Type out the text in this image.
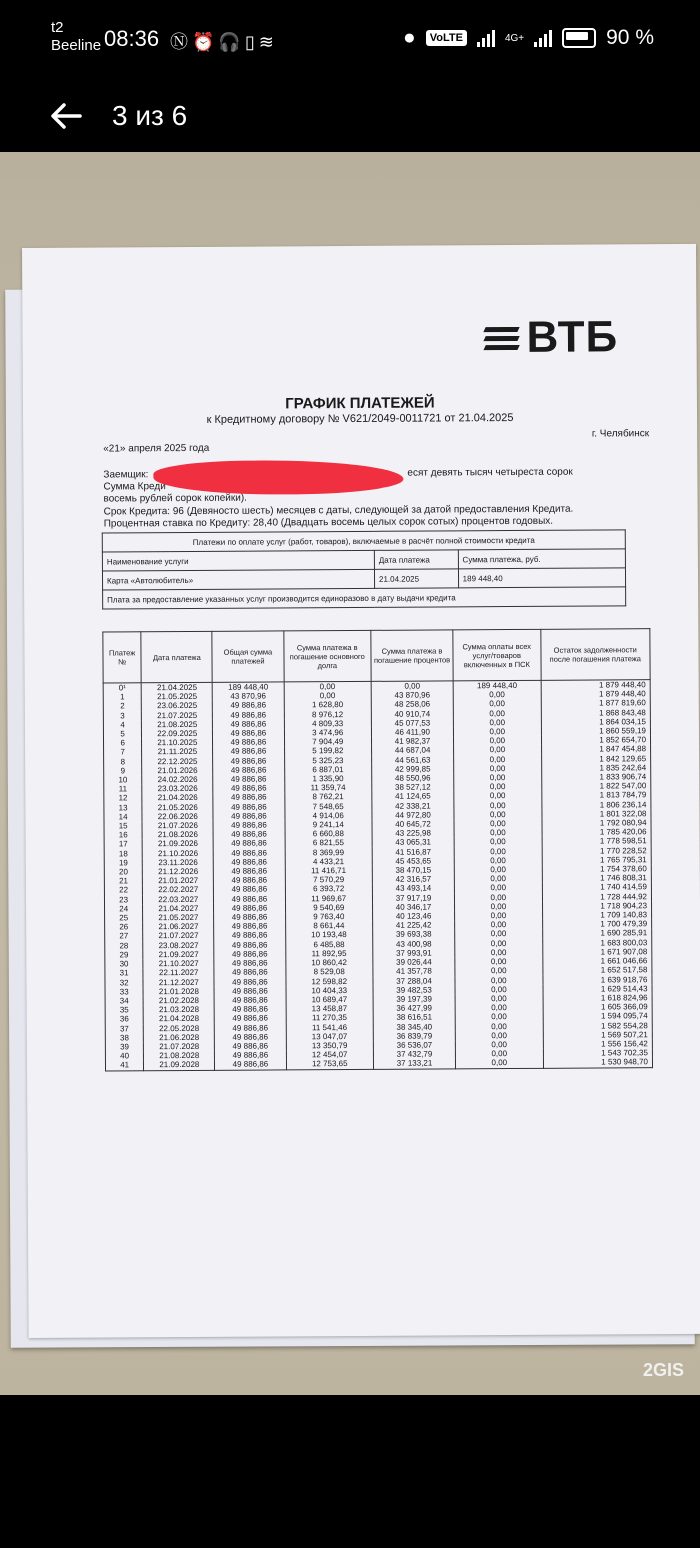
t2
Beeline 08:36 Ⓝ⏰🎧▯≋	●	VoLTE	4G+	90 %
3 из 6
ВТБ
ГРАФИК ПЛАТЕЖЕЙ
к Кредитному договору № V621/2049-0011721 от 21.04.2025
г. Челябинск
«21» апреля 2025 года
Заемщик:	есят девять тысяч четыреста сорок
Сумма Креди
восемь рублей сорок копейки).
Срок Кредита: 96 (Девяносто шесть) месяцев с даты, следующей за датой предоставления Кредита.
Процентная ставка по Кредиту: 28,40 (Двадцать восемь целых сорок сотых) процентов годовых.
Платежи по оплате услуг (работ, товаров), включаемые в расчёт полной стоимости кредита		
Наименование услуги	Дата платежа	Сумма платежа, руб.
Карта «Автолюбитель»	21.04.2025	189 448,40
Плата за предоставление указанных услуг производится единоразово в дату выдачи кредита		
Платеж №	Дата платежа	Общая сумма платежей	Сумма платежа в погашение основного долга	Сумма платежа в погашение процентов	Сумма оплаты всех услуг/товаров включенных в ПСК	Остаток задолженности после погашения платежа
0¹	21.04.2025	189 448,40	0,00	0,00	189 448,40	1 879 448,40
1	21.05.2025	43 870,96	0,00	43 870,96	0,00	1 879 448,40
2	23.06.2025	49 886,86	1 628,80	48 258,06	0,00	1 877 819,60
3	21.07.2025	49 886,86	8 976,12	40 910,74	0,00	1 868 843,48
4	21.08.2025	49 886,86	4 809,33	45 077,53	0,00	1 864 034,15
5	22.09.2025	49 886,86	3 474,96	46 411,90	0,00	1 860 559,19
6	21.10.2025	49 886,86	7 904,49	41 982,37	0,00	1 852 654,70
7	21.11.2025	49 886,86	5 199,82	44 687,04	0,00	1 847 454,88
8	22.12.2025	49 886,86	5 325,23	44 561,63	0,00	1 842 129,65
9	21.01.2026	49 886,86	6 887,01	42 999,85	0,00	1 835 242,64
10	24.02.2026	49 886,86	1 335,90	48 550,96	0,00	1 833 906,74
11	23.03.2026	49 886,86	11 359,74	38 527,12	0,00	1 822 547,00
12	21.04.2026	49 886,86	8 762,21	41 124,65	0,00	1 813 784,79
13	21.05.2026	49 886,86	7 548,65	42 338,21	0,00	1 806 236,14
14	22.06.2026	49 886,86	4 914,06	44 972,80	0,00	1 801 322,08
15	21.07.2026	49 886,86	9 241,14	40 645,72	0,00	1 792 080,94
16	21.08.2026	49 886,86	6 660,88	43 225,98	0,00	1 785 420,06
17	21.09.2026	49 886,86	6 821,55	43 065,31	0,00	1 778 598,51
18	21.10.2026	49 886,86	8 369,99	41 516,87	0,00	1 770 228,52
19	23.11.2026	49 886,86	4 433,21	45 453,65	0,00	1 765 795,31
20	21.12.2026	49 886,86	11 416,71	38 470,15	0,00	1 754 378,60
21	21.01.2027	49 886,86	7 570,29	42 316,57	0,00	1 746 808,31
22	22.02.2027	49 886,86	6 393,72	43 493,14	0,00	1 740 414,59
23	22.03.2027	49 886,86	11 969,67	37 917,19	0,00	1 728 444,92
24	21.04.2027	49 886,86	9 540,69	40 346,17	0,00	1 718 904,23
25	21.05.2027	49 886,86	9 763,40	40 123,46	0,00	1 709 140,83
26	21.06.2027	49 886,86	8 661,44	41 225,42	0,00	1 700 479,39
27	21.07.2027	49 886,86	10 193,48	39 693,38	0,00	1 690 285,91
28	23.08.2027	49 886,86	6 485,88	43 400,98	0,00	1 683 800,03
29	21.09.2027	49 886,86	11 892,95	37 993,91	0,00	1 671 907,08
30	21.10.2027	49 886,86	10 860,42	39 026,44	0,00	1 661 046,66
31	22.11.2027	49 886,86	8 529,08	41 357,78	0,00	1 652 517,58
32	21.12.2027	49 886,86	12 598,82	37 288,04	0,00	1 639 918,76
33	21.01.2028	49 886,86	10 404,33	39 482,53	0,00	1 629 514,43
34	21.02.2028	49 886,86	10 689,47	39 197,39	0,00	1 618 824,96
35	21.03.2028	49 886,86	13 458,87	36 427,99	0,00	1 605 366,09
36	21.04.2028	49 886,86	11 270,35	38 616,51	0,00	1 594 095,74
37	22.05.2028	49 886,86	11 541,46	38 345,40	0,00	1 582 554,28
38	21.06.2028	49 886,86	13 047,07	36 839,79	0,00	1 569 507,21
39	21.07.2028	49 886,86	13 350,79	36 536,07	0,00	1 556 156,42
40	21.08.2028	49 886,86	12 454,07	37 432,79	0,00	1 543 702,35
41	21.09.2028	49 886,86	12 753,65	37 133,21	0,00	1 530 948,70
2GIS
